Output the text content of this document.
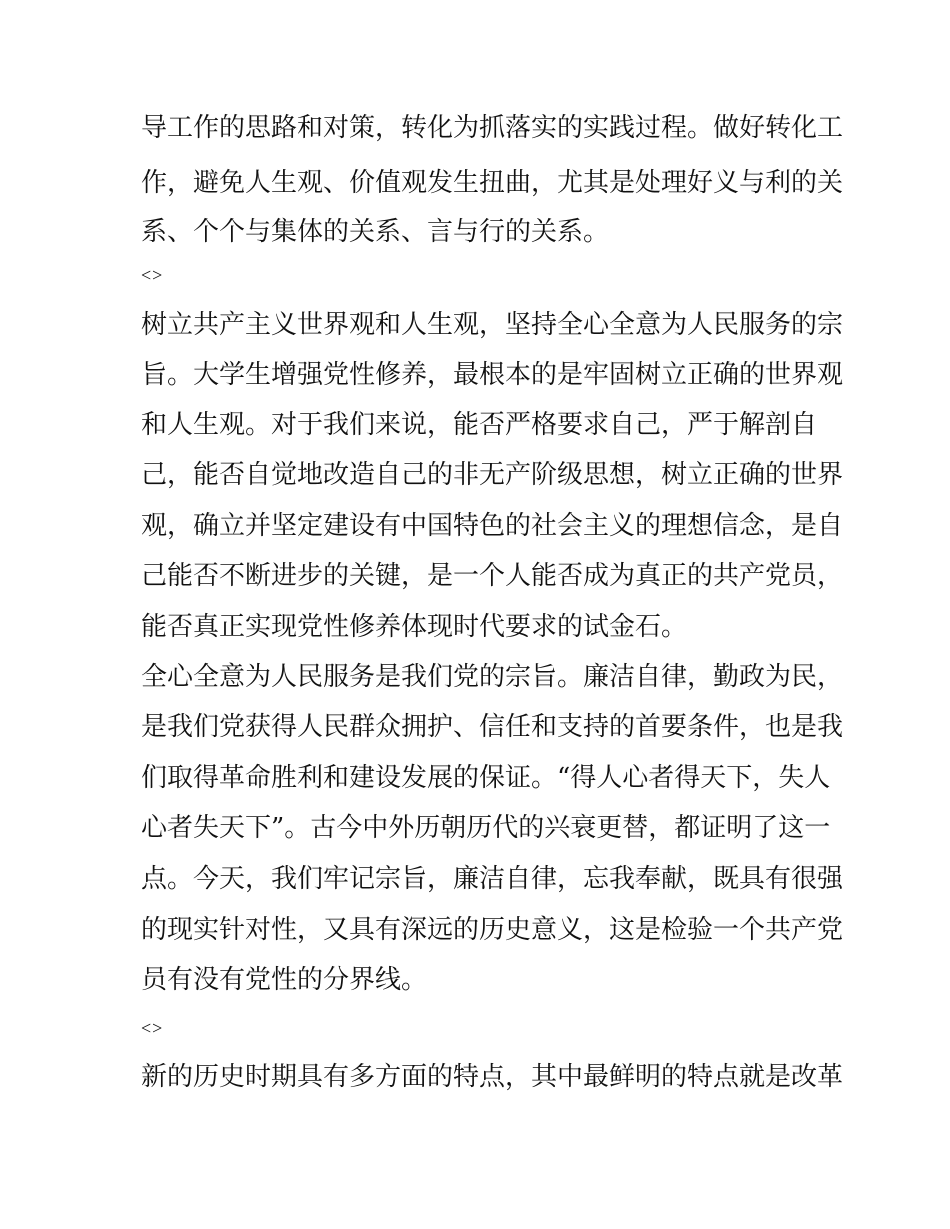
导工作的思路和对策，转化为抓落实的实践过程。做好转化工
作，避免人生观、价值观发生扭曲，尤其是处理好义与利的关
系、个个与集体的关系、言与行的关系。
<>
树立共产主义世界观和人生观，坚持全心全意为人民服务的宗
旨。大学生增强党性修养，最根本的是牢固树立正确的世界观
和人生观。对于我们来说，能否严格要求自己，严于解剖自
己，能否自觉地改造自己的非无产阶级思想，树立正确的世界
观，确立并坚定建设有中国特色的社会主义的理想信念，是自
己能否不断进步的关键，是一个人能否成为真正的共产党员，
能否真正实现党性修养体现时代要求的试金石。
全心全意为人民服务是我们党的宗旨。廉洁自律，勤政为民，
是我们党获得人民群众拥护、信任和支持的首要条件，也是我
们取得革命胜利和建设发展的保证。“得人心者得天下，失人
心者失天下”。古今中外历朝历代的兴衰更替，都证明了这一
点。今天，我们牢记宗旨，廉洁自律，忘我奉献，既具有很强
的现实针对性，又具有深远的历史意义，这是检验一个共产党
员有没有党性的分界线。
<>
新的历史时期具有多方面的特点，其中最鲜明的特点就是改革
